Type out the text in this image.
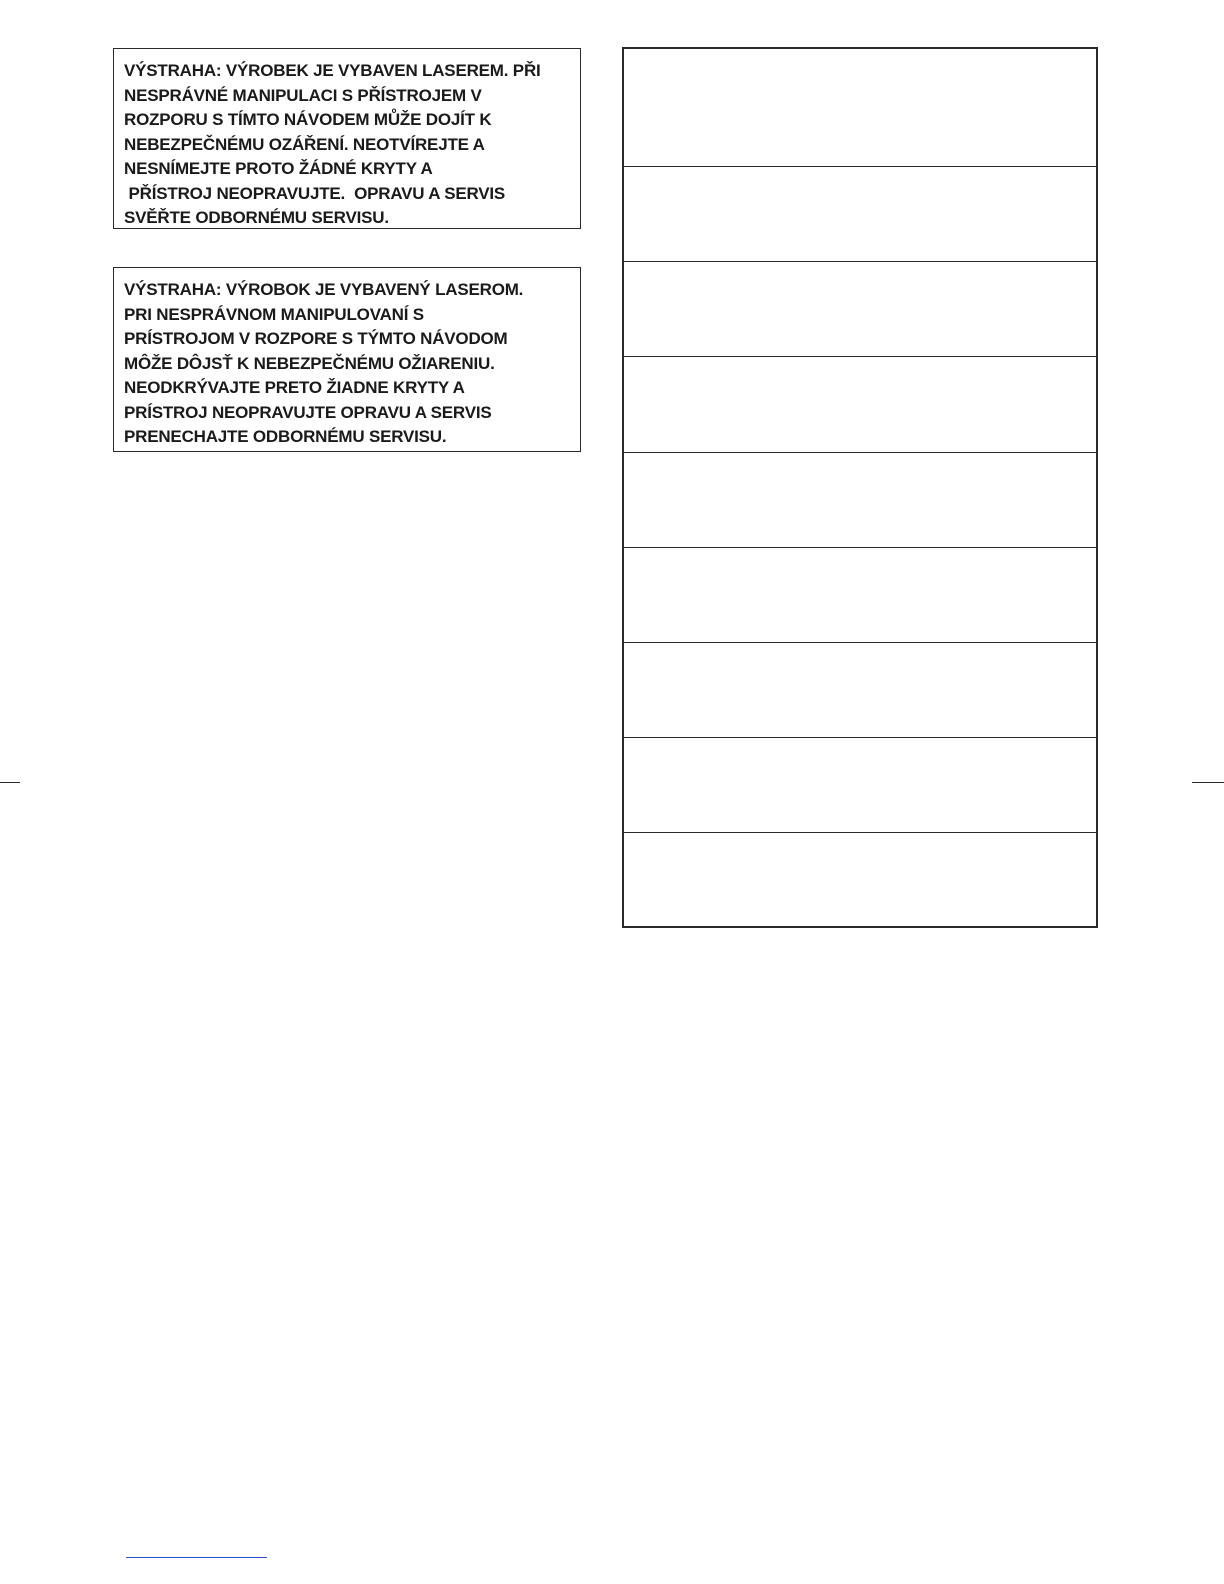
VÝSTRAHA: VÝROBEK JE VYBAVEN LASEREM. PŘI
NESPRÁVNÉ MANIPULACI S PŘÍSTROJEM V
ROZPORU S TÍMTO NÁVODEM MŮŽE DOJÍT K
NEBEZPEČNÉMU OZÁŘENÍ. NEOTVÍREJTE A
NESNÍMEJTE PROTO ŽÁDNÉ KRYTY A
PŘÍSTROJ NEOPRAVUJTE.  OPRAVU A SERVIS
SVĚŘTE ODBORNÉMU SERVISU.
VÝSTRAHA: VÝROBOK JE VYBAVENÝ LASEROM.
PRI NESPRÁVNOM MANIPULOVANÍ S
PRÍSTROJOM V ROZPORE S TÝMTO NÁVODOM
MÔŽE DÔJSŤ K NEBEZPEČNÉMU OŽIARENIU.
NEODKRÝVAJTE PRETO ŽIADNE KRYTY A
PRÍSTROJ NEOPRAVUJTE OPRAVU A SERVIS
PRENECHAJTE ODBORNÉMU SERVISU.
